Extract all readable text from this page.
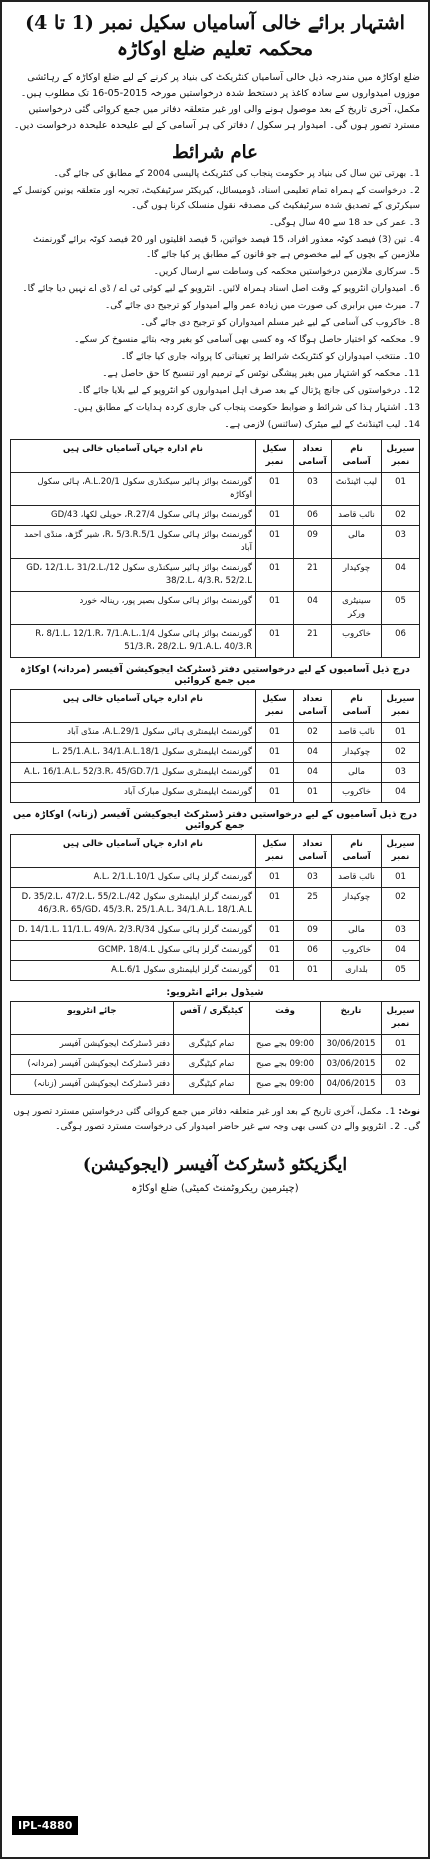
اشتہار برائے خالی آسامیاں سکیل نمبر (1 تا 4) محکمہ تعلیم ضلع اوکاڑہ

ضلع اوکاڑہ میں مندرجہ ذیل خالی آسامیاں کنٹریکٹ کی بنیاد پر کرنے کے لیے ضلع اوکاڑہ کے رہائشی موزوں امیدواروں سے سادہ کاغذ پر دستخط شدہ درخواستیں مورخہ 2015-05-16 تک مطلوب ہیں۔ مکمل، آخری تاریخ کے بعد موصول ہونے والی اور غیر متعلقہ دفاتر میں جمع کروائی گئی درخواستیں مسترد تصور ہوں گی۔ امیدوار ہر سکول / دفاتر کی ہر آسامی کے لیے علیحدہ علیحدہ درخواست دیں۔

عام شرائط
1۔ بھرتی تین سال کی بنیاد پر حکومت پنجاب کی کنٹریکٹ پالیسی 2004 کے مطابق کی جائے گی۔
2۔ درخواست کے ہمراہ تمام تعلیمی اسناد، ڈومیسائل، کیریکٹر سرٹیفکیٹ، تجربہ اور متعلقہ یونین کونسل کے سیکرٹری کے تصدیق شدہ سرٹیفکیٹ کی مصدقہ نقول منسلک کرنا ہوں گی۔
3۔ عمر کی حد 18 سے 40 سال ہوگی۔
4۔ تین (3) فیصد کوٹہ معذور افراد، 15 فیصد خواتین، 5 فیصد اقلیتوں اور 20 فیصد کوٹہ برائے گورنمنٹ ملازمین کے بچوں کے لیے مخصوص ہے جو قانون کے مطابق پر کیا جائے گا۔
5۔ سرکاری ملازمین درخواستیں محکمہ کی وساطت سے ارسال کریں۔
6۔ امیدواران انٹرویو کے وقت اصل اسناد ہمراہ لائیں۔ انٹرویو کے لیے کوئی ٹی اے / ڈی اے نہیں دیا جائے گا۔
7۔ میرٹ میں برابری کی صورت میں زیادہ عمر والے امیدوار کو ترجیح دی جائے گی۔
8۔ خاکروب کی آسامی کے لیے غیر مسلم امیدواران کو ترجیح دی جائے گی۔
9۔ محکمہ کو اختیار حاصل ہوگا کہ وہ کسی بھی آسامی کو بغیر وجہ بتائے منسوخ کر سکے۔
10۔ منتخب امیدواران کو کنٹریکٹ شرائط پر تعیناتی کا پروانہ جاری کیا جائے گا۔
11۔ محکمہ کو اشتہار میں بغیر پیشگی نوٹس کے ترمیم اور تنسیخ کا حق حاصل ہے۔
12۔ درخواستوں کی جانچ پڑتال کے بعد صرف اہل امیدواروں کو انٹرویو کے لیے بلایا جائے گا۔
13۔ اشتہار ہذا کی شرائط و ضوابط حکومت پنجاب کی جاری کردہ ہدایات کے مطابق ہیں۔
14۔ لیب اٹینڈنٹ کے لیے میٹرک (سائنس) لازمی ہے۔
سیریل نمبر	نام آسامی	تعداد آسامی	سکیل نمبر	نام ادارہ جہاں آسامیاں خالی ہیں
01	لیب اٹینڈنٹ	03	01	گورنمنٹ بوائز ہائیر سیکنڈری سکول 20/1.A.L، ہائی سکول اوکاڑہ
02	نائب قاصد	06	01	گورنمنٹ بوائز ہائی سکول 27/4.R، حویلی لکھا، 43/GD
03	مالی	09	01	گورنمنٹ بوائز ہائی سکول 5/1.R، 5/3.R، شیر گڑھ، منڈی احمد آباد
04	چوکیدار	21	01	گورنمنٹ بوائز ہائیر سیکنڈری سکول 12/GD، 12/1.L، 31/2.L، 38/2.L، 4/3.R، 52/2.L
05	سینیٹری ورکر	04	01	گورنمنٹ بوائز ہائی سکول بصیر پور، رینالہ خورد
06	خاکروب	21	01	گورنمنٹ بوائز ہائی سکول 1/4.R، 8/1.L، 12/1.R، 7/1.A.L، 51/3.R، 28/2.L، 9/1.A.L، 40/3.R
درج ذیل آسامیوں کے لیے درخواستیں دفتر ڈسٹرکٹ ایجوکیشن آفیسر (مردانہ) اوکاڑہ میں جمع کروائیں
سیریل نمبر	نام آسامی	تعداد آسامی	سکیل نمبر	نام ادارہ جہاں آسامیاں خالی ہیں
01	نائب قاصد	02	01	گورنمنٹ ایلیمنٹری ہائی سکول 29/1.A.L، منڈی آباد
02	چوکیدار	04	01	گورنمنٹ ایلیمنٹری سکول 18/1.L، 25/1.A.L، 34/1.A.L
03	مالی	04	01	گورنمنٹ ایلیمنٹری سکول 7/1.A.L، 16/1.A.L، 52/3.R، 45/GD
04	خاکروب	01	01	گورنمنٹ ایلیمنٹری سکول مبارک آباد
درج ذیل آسامیوں کے لیے درخواستیں دفتر ڈسٹرکٹ ایجوکیشن آفیسر (زنانہ) اوکاڑہ میں جمع کروائیں
سیریل نمبر	نام آسامی	تعداد آسامی	سکیل نمبر	نام ادارہ جہاں آسامیاں خالی ہیں
01	نائب قاصد	03	01	گورنمنٹ گرلز ہائی سکول 10/1.A.L، 2/1.L
02	چوکیدار	25	01	گورنمنٹ گرلز ایلیمنٹری سکول 42/D، 35/2.L، 47/2.L، 55/2.L، 46/3.R، 65/GD، 45/3.R، 25/1.A.L، 34/1.A.L، 18/1.A.L
03	مالی	09	01	گورنمنٹ گرلز ہائی سکول 34/D، 14/1.L، 11/1.L، 49/A، 2/3.R
04	خاکروب	06	01	گورنمنٹ گرلز ہائی سکول GCMP، 18/4.L
05	بلداری	01	01	گورنمنٹ گرلز ایلیمنٹری سکول 6/1.A.L
شیڈول برائے انٹرویو:
سیریل نمبر	تاریخ	وقت	کیٹیگری / آفس	جائے انٹرویو
01	30/06/2015	09:00 بجے صبح	تمام کیٹیگری	دفتر ڈسٹرکٹ ایجوکیشن آفیسر
02	03/06/2015	09:00 بجے صبح	تمام کیٹیگری	دفتر ڈسٹرکٹ ایجوکیشن آفیسر (مردانہ)
03	04/06/2015	09:00 بجے صبح	تمام کیٹیگری	دفتر ڈسٹرکٹ ایجوکیشن آفیسر (زنانہ)

نوٹ: 1۔ مکمل، آخری تاریخ کے بعد اور غیر متعلقہ دفاتر میں جمع کروائی گئی درخواستیں مسترد تصور ہوں گی۔ 2۔ انٹرویو والے دن کسی بھی وجہ سے غیر حاضر امیدوار کی درخواست مسترد تصور ہوگی۔

ایگزیکٹو ڈسٹرکٹ آفیسر (ایجوکیشن)
(چیئرمین ریکروٹمنٹ کمیٹی) ضلع اوکاڑہ
IPL-4880
